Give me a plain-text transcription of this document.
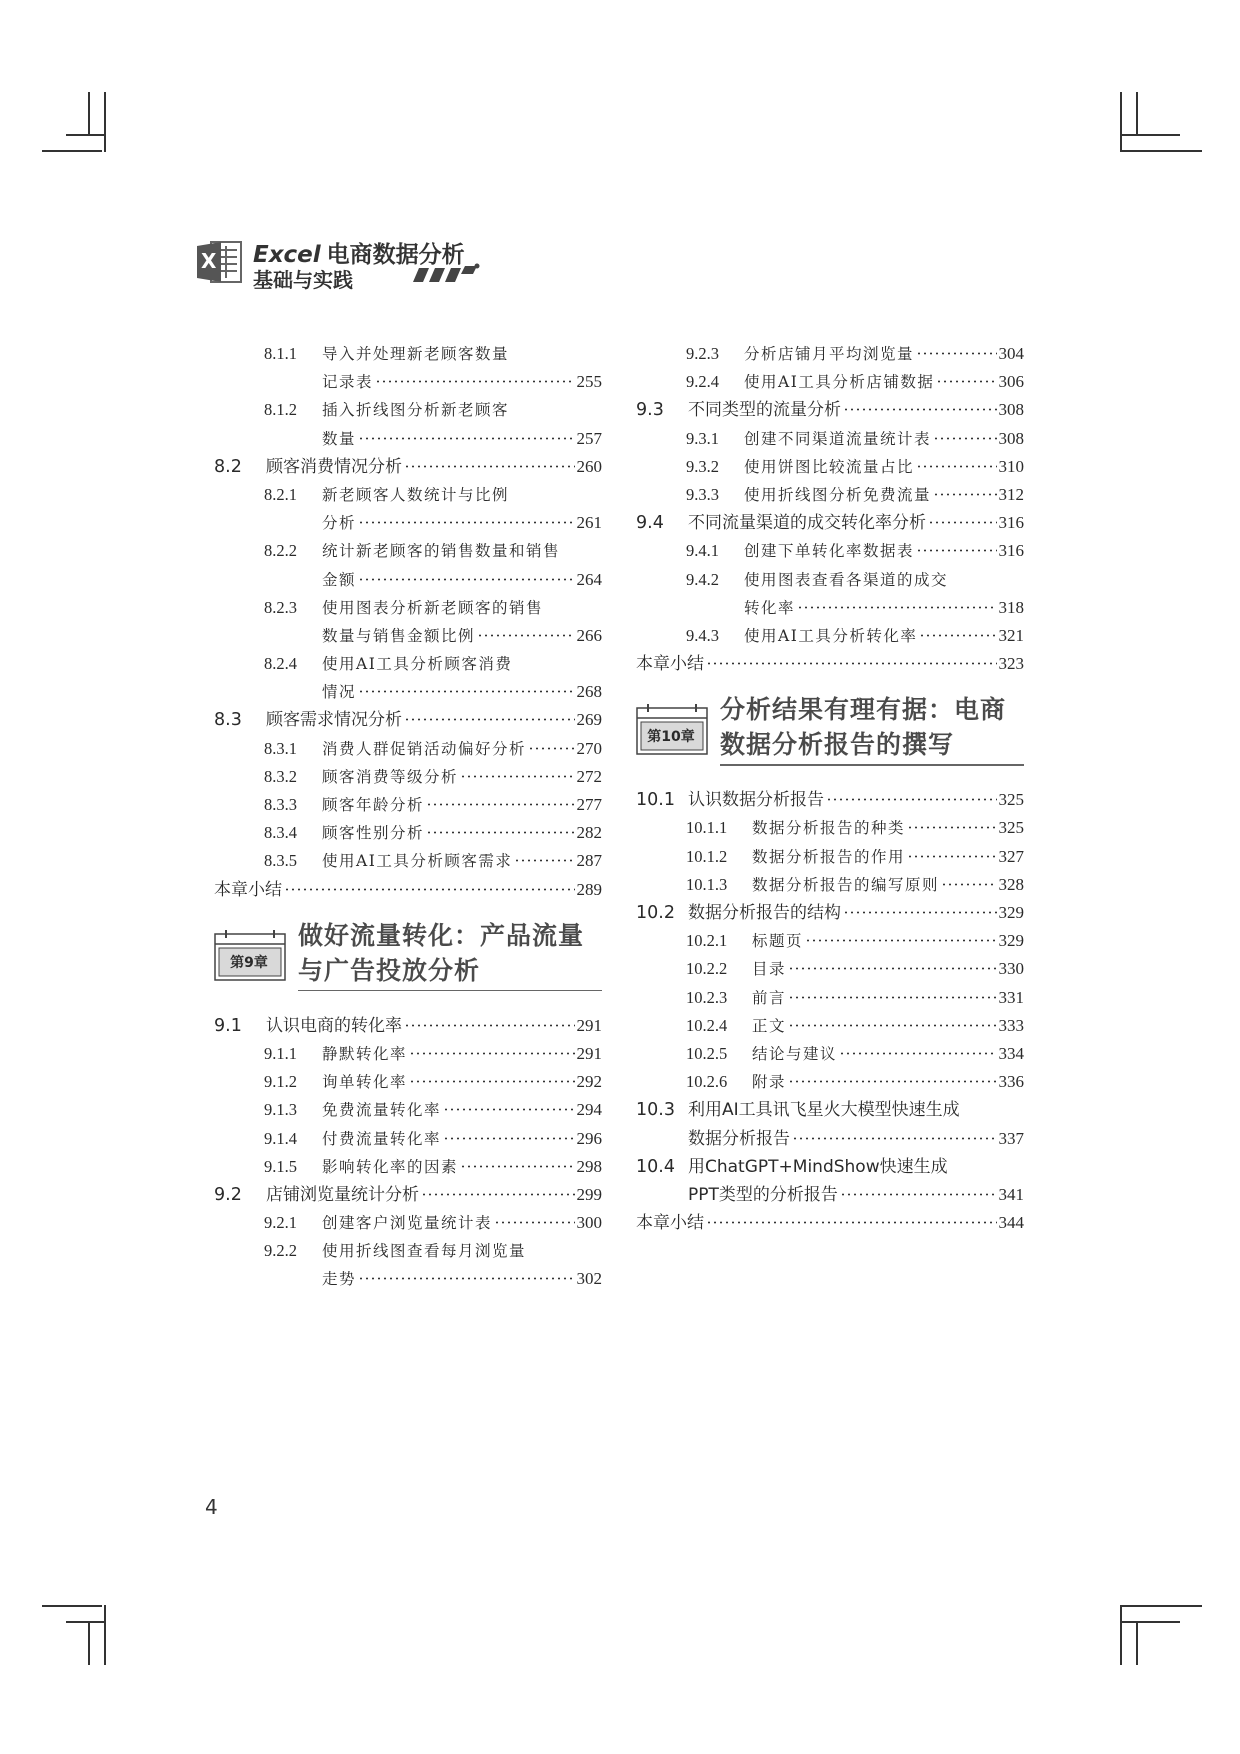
X Excel 电商数据分析
基础与实践
8.1.1	导入并处理新老顾客数量
记录表	255
8.1.2	插入折线图分析新老顾客
数量	257
8.2	顾客消费情况分析	260
8.2.1	新老顾客人数统计与比例
分析	261
8.2.2	统计新老顾客的销售数量和销售
金额	264
8.2.3	使用图表分析新老顾客的销售
数量与销售金额比例	266
8.2.4	使用AI工具分析顾客消费
情况	268
8.3	顾客需求情况分析	269
8.3.1	消费人群促销活动偏好分析	270
8.3.2	顾客消费等级分析	272
8.3.3	顾客年龄分析	277
8.3.4	顾客性别分析	282
8.3.5	使用AI工具分析顾客需求	287
本章小结	289
第9章
做好流量转化：产品流量
与广告投放分析
9.1	认识电商的转化率	291
9.1.1	静默转化率	291
9.1.2	询单转化率	292
9.1.3	免费流量转化率	294
9.1.4	付费流量转化率	296
9.1.5	影响转化率的因素	298
9.2	店铺浏览量统计分析	299
9.2.1	创建客户浏览量统计表	300
9.2.2	使用折线图查看每月浏览量
走势	302
9.2.3	分析店铺月平均浏览量	304
9.2.4	使用AI工具分析店铺数据	306
9.3	不同类型的流量分析	308
9.3.1	创建不同渠道流量统计表	308
9.3.2	使用饼图比较流量占比	310
9.3.3	使用折线图分析免费流量	312
9.4	不同流量渠道的成交转化率分析	316
9.4.1	创建下单转化率数据表	316
9.4.2	使用图表查看各渠道的成交
转化率	318
9.4.3	使用AI工具分析转化率	321
本章小结	323
第10章
分析结果有理有据：电商
数据分析报告的撰写
10.1 认识数据分析报告	325
10.1.1	数据分析报告的种类	325
10.1.2	数据分析报告的作用	327
10.1.3	数据分析报告的编写原则	328
10.2 数据分析报告的结构	329
10.2.1	标题页	329
10.2.2	目录	330
10.2.3	前言	331
10.2.4	正文	333
10.2.5	结论与建议	334
10.2.6	附录	336
10.3 利用AI工具讯飞星火大模型快速生成
数据分析报告	337
10.4 用ChatGPT+MindShow快速生成
PPT类型的分析报告	341
本章小结	344
4
